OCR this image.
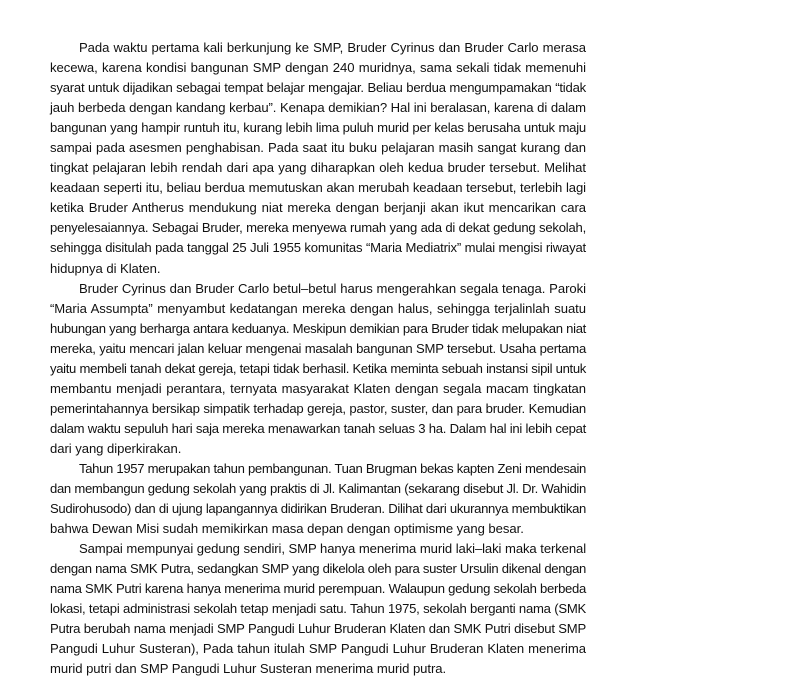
Pada waktu pertama kali berkunjung ke SMP, Bruder Cyrinus dan Bruder Carlo merasa
kecewa, karena kondisi bangunan SMP dengan 240 muridnya, sama sekali tidak memenuhi
syarat untuk dijadikan sebagai tempat belajar mengajar. Beliau berdua mengumpamakan “tidak
jauh berbeda dengan kandang kerbau”. Kenapa demikian? Hal ini beralasan, karena di dalam
bangunan yang hampir runtuh itu, kurang lebih lima puluh murid per kelas berusaha untuk maju
sampai pada asesmen penghabisan. Pada saat itu buku pelajaran masih sangat kurang dan
tingkat pelajaran lebih rendah dari apa yang diharapkan oleh kedua bruder tersebut. Melihat
keadaan seperti itu, beliau berdua memutuskan akan merubah keadaan tersebut, terlebih lagi
ketika Bruder Antherus mendukung niat mereka dengan berjanji akan ikut mencarikan cara
penyelesaiannya. Sebagai Bruder, mereka menyewa rumah yang ada di dekat gedung sekolah,
sehingga disitulah pada tanggal 25 Juli 1955 komunitas “Maria Mediatrix” mulai mengisi riwayat
hidupnya di Klaten.

Bruder Cyrinus dan Bruder Carlo betul–betul harus mengerahkan segala tenaga. Paroki
“Maria Assumpta” menyambut kedatangan mereka dengan halus, sehingga terjalinlah suatu
hubungan yang berharga antara keduanya. Meskipun demikian para Bruder tidak melupakan niat
mereka, yaitu mencari jalan keluar mengenai masalah bangunan SMP tersebut. Usaha pertama
yaitu membeli tanah dekat gereja, tetapi tidak berhasil. Ketika meminta sebuah instansi sipil untuk
membantu menjadi perantara, ternyata masyarakat Klaten dengan segala macam tingkatan
pemerintahannya bersikap simpatik terhadap gereja, pastor, suster, dan para bruder. Kemudian
dalam waktu sepuluh hari saja mereka menawarkan tanah seluas 3 ha. Dalam hal ini lebih cepat
dari yang diperkirakan.

Tahun 1957 merupakan tahun pembangunan. Tuan Brugman bekas kapten Zeni mendesain
dan membangun gedung sekolah yang praktis di Jl. Kalimantan (sekarang disebut Jl. Dr. Wahidin
Sudirohusodo) dan di ujung lapangannya didirikan Bruderan. Dilihat dari ukurannya membuktikan
bahwa Dewan Misi sudah memikirkan masa depan dengan optimisme yang besar.

Sampai mempunyai gedung sendiri, SMP hanya menerima murid laki–laki maka terkenal
dengan nama SMK Putra, sedangkan SMP yang dikelola oleh para suster Ursulin dikenal dengan
nama SMK Putri karena hanya menerima murid perempuan. Walaupun gedung sekolah berbeda
lokasi, tetapi administrasi sekolah tetap menjadi satu. Tahun 1975, sekolah berganti nama (SMK
Putra berubah nama menjadi SMP Pangudi Luhur Bruderan Klaten dan SMK Putri disebut SMP
Pangudi Luhur Susteran), Pada tahun itulah SMP Pangudi Luhur Bruderan Klaten menerima
murid putri dan SMP Pangudi Luhur Susteran menerima murid putra.
